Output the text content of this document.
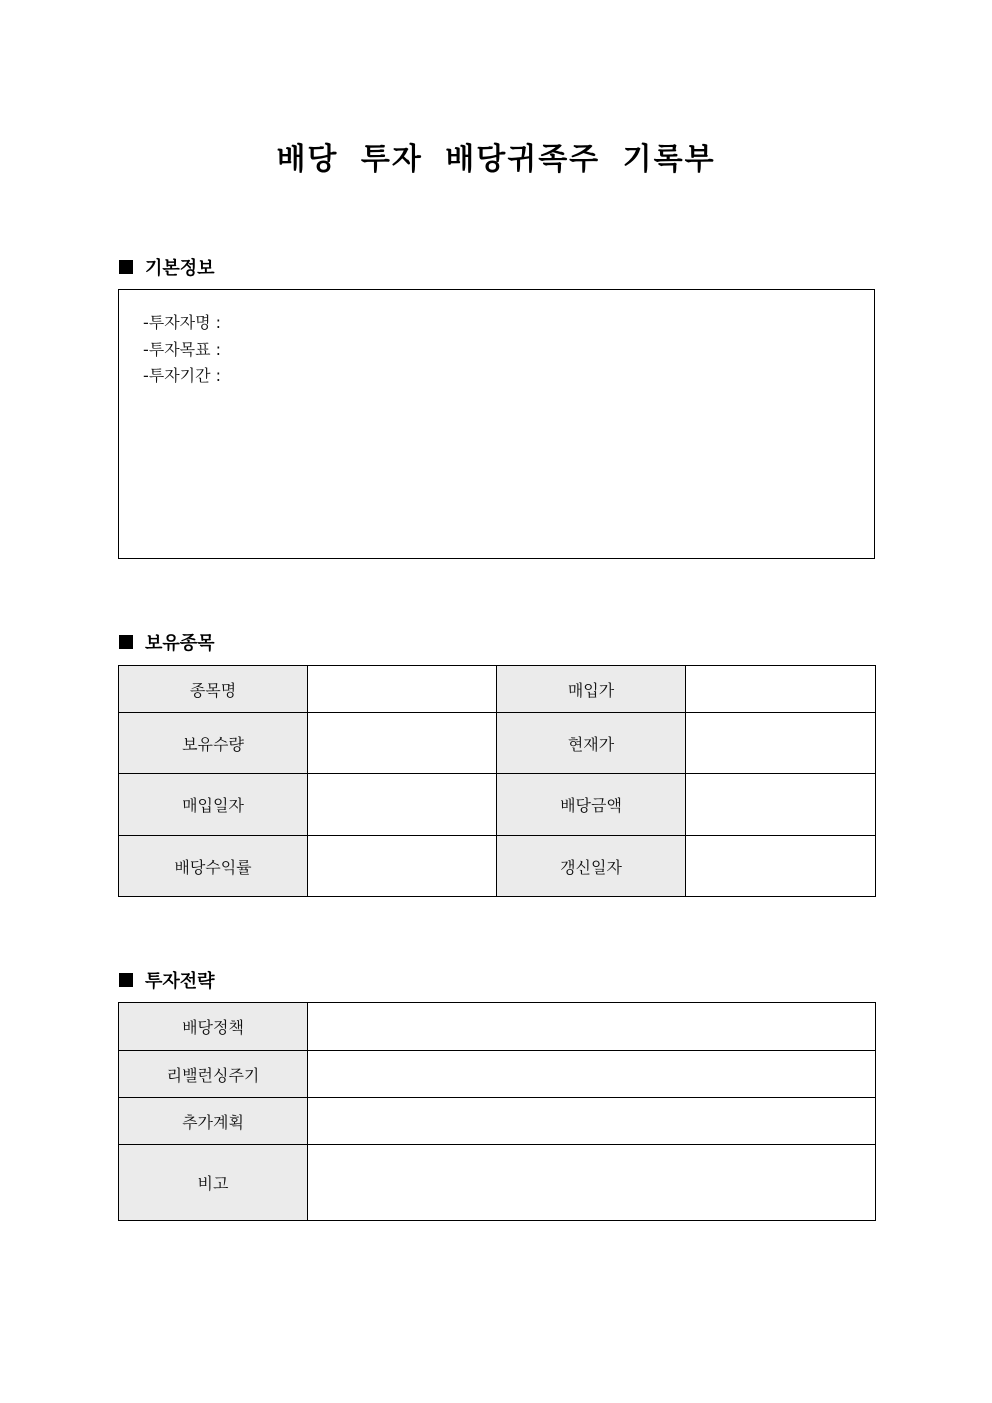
배당 투자 배당귀족주 기록부
기본정보
-투자자명 :
-투자목표 :
-투자기간 :
보유종목
종목명		매입가	
보유수량		현재가	
매입일자		배당금액	
배당수익률		갱신일자	
투자전략
배당정책	
리밸런싱주기	
추가계획	
비고	
